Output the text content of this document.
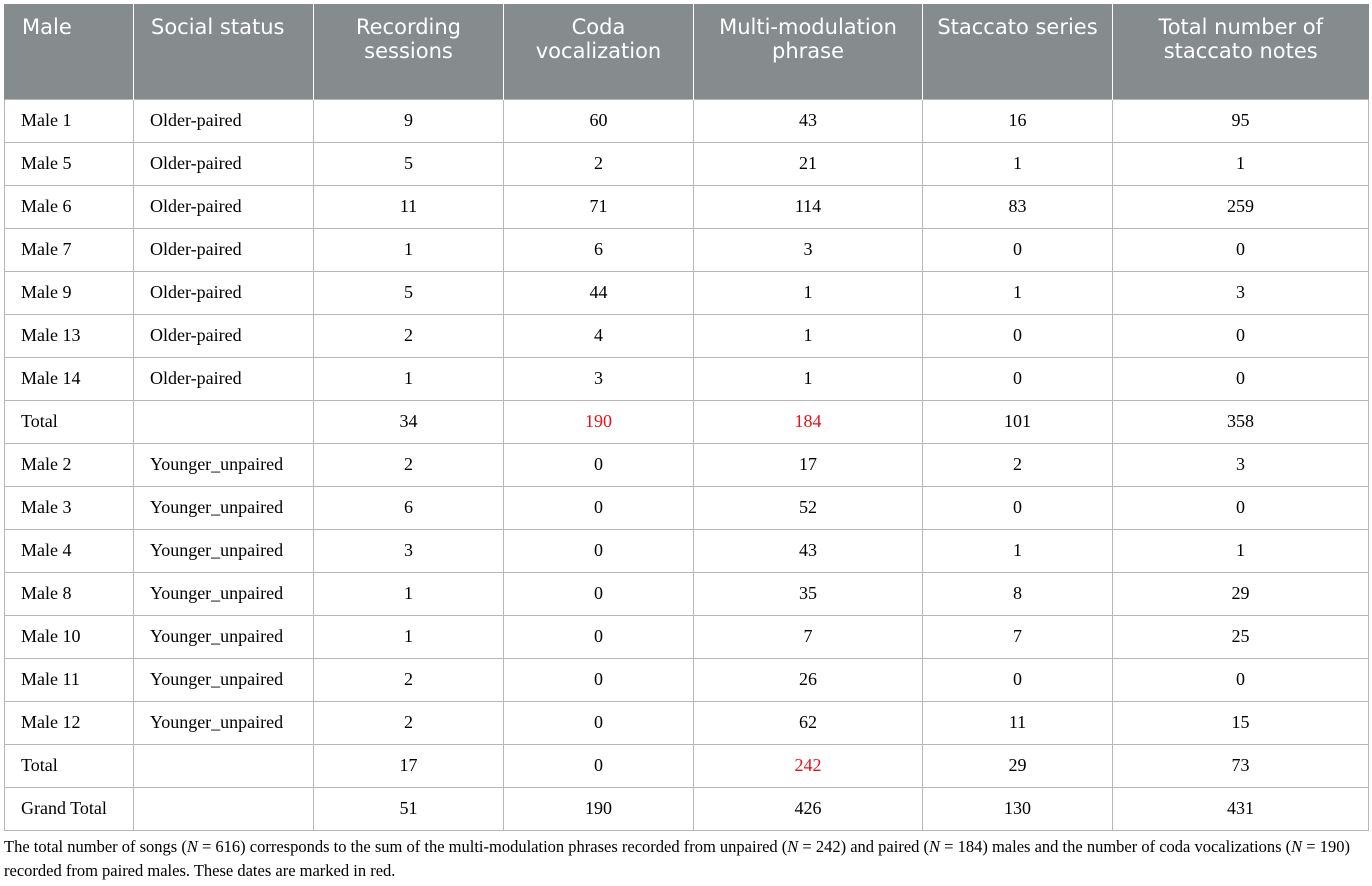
Male	Social status	Recording sessions	Coda vocalization	Multi-modulation phrase	Staccato series	Total number of staccato notes
Male 1	Older-paired	9	60	43	16	95
Male 5	Older-paired	5	2	21	1	1
Male 6	Older-paired	11	71	114	83	259
Male 7	Older-paired	1	6	3	0	0
Male 9	Older-paired	5	44	1	1	3
Male 13	Older-paired	2	4	1	0	0
Male 14	Older-paired	1	3	1	0	0
Total		34	190	184	101	358
Male 2	Younger_unpaired	2	0	17	2	3
Male 3	Younger_unpaired	6	0	52	0	0
Male 4	Younger_unpaired	3	0	43	1	1
Male 8	Younger_unpaired	1	0	35	8	29
Male 10	Younger_unpaired	1	0	7	7	25
Male 11	Younger_unpaired	2	0	26	0	0
Male 12	Younger_unpaired	2	0	62	11	15
Total		17	0	242	29	73
Grand Total		51	190	426	130	431
The total number of songs (N = 616) corresponds to the sum of the multi-modulation phrases recorded from unpaired (N = 242) and paired (N = 184) males and the number of coda vocalizations (N = 190) recorded from paired males. These dates are marked in red.
